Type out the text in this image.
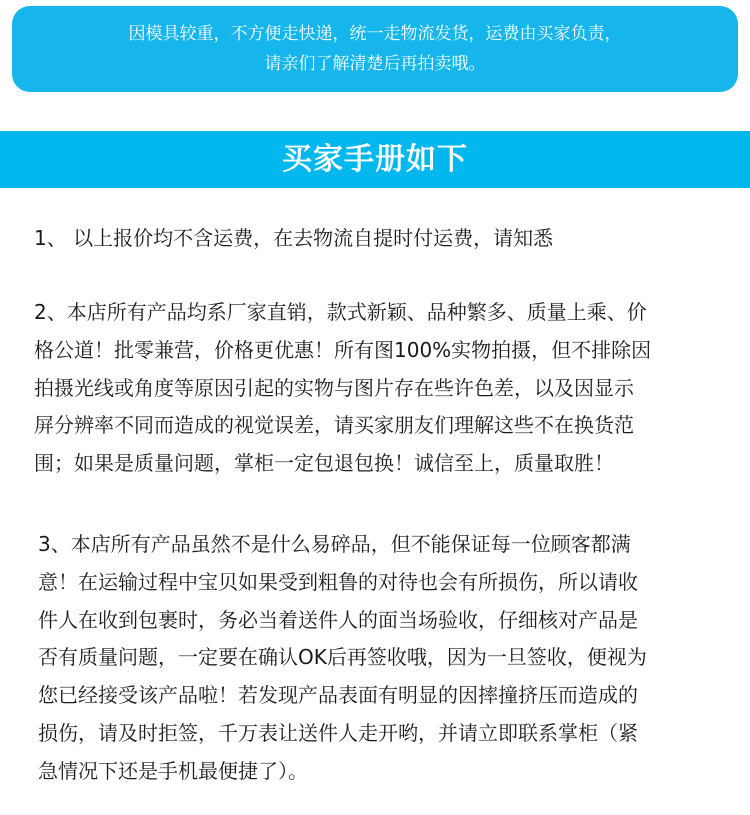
因模具较重，不方便走快递，统一走物流发货，运费由买家负责，
请亲们了解清楚后再拍卖哦。
买家手册如下
1、 以上报价均不含运费，在去物流自提时付运费，请知悉
2、本店所有产品均系厂家直销，款式新颖、品种繁多、质量上乘、价
格公道！批零兼营，价格更优惠！所有图100%实物拍摄，但不排除因
拍摄光线或角度等原因引起的实物与图片存在些许色差，以及因显示
屏分辨率不同而造成的视觉误差，请买家朋友们理解这些不在换货范
围；如果是质量问题，掌柜一定包退包换！诚信至上，质量取胜！
3、本店所有产品虽然不是什么易碎品，但不能保证每一位顾客都满
意！在运输过程中宝贝如果受到粗鲁的对待也会有所损伤，所以请收
件人在收到包裹时，务必当着送件人的面当场验收，仔细核对产品是
否有质量问题，一定要在确认OK后再签收哦，因为一旦签收，便视为
您已经接受该产品啦！若发现产品表面有明显的因摔撞挤压而造成的
损伤，请及时拒签，千万表让送件人走开哟，并请立即联系掌柜（紧
急情况下还是手机最便捷了）。
